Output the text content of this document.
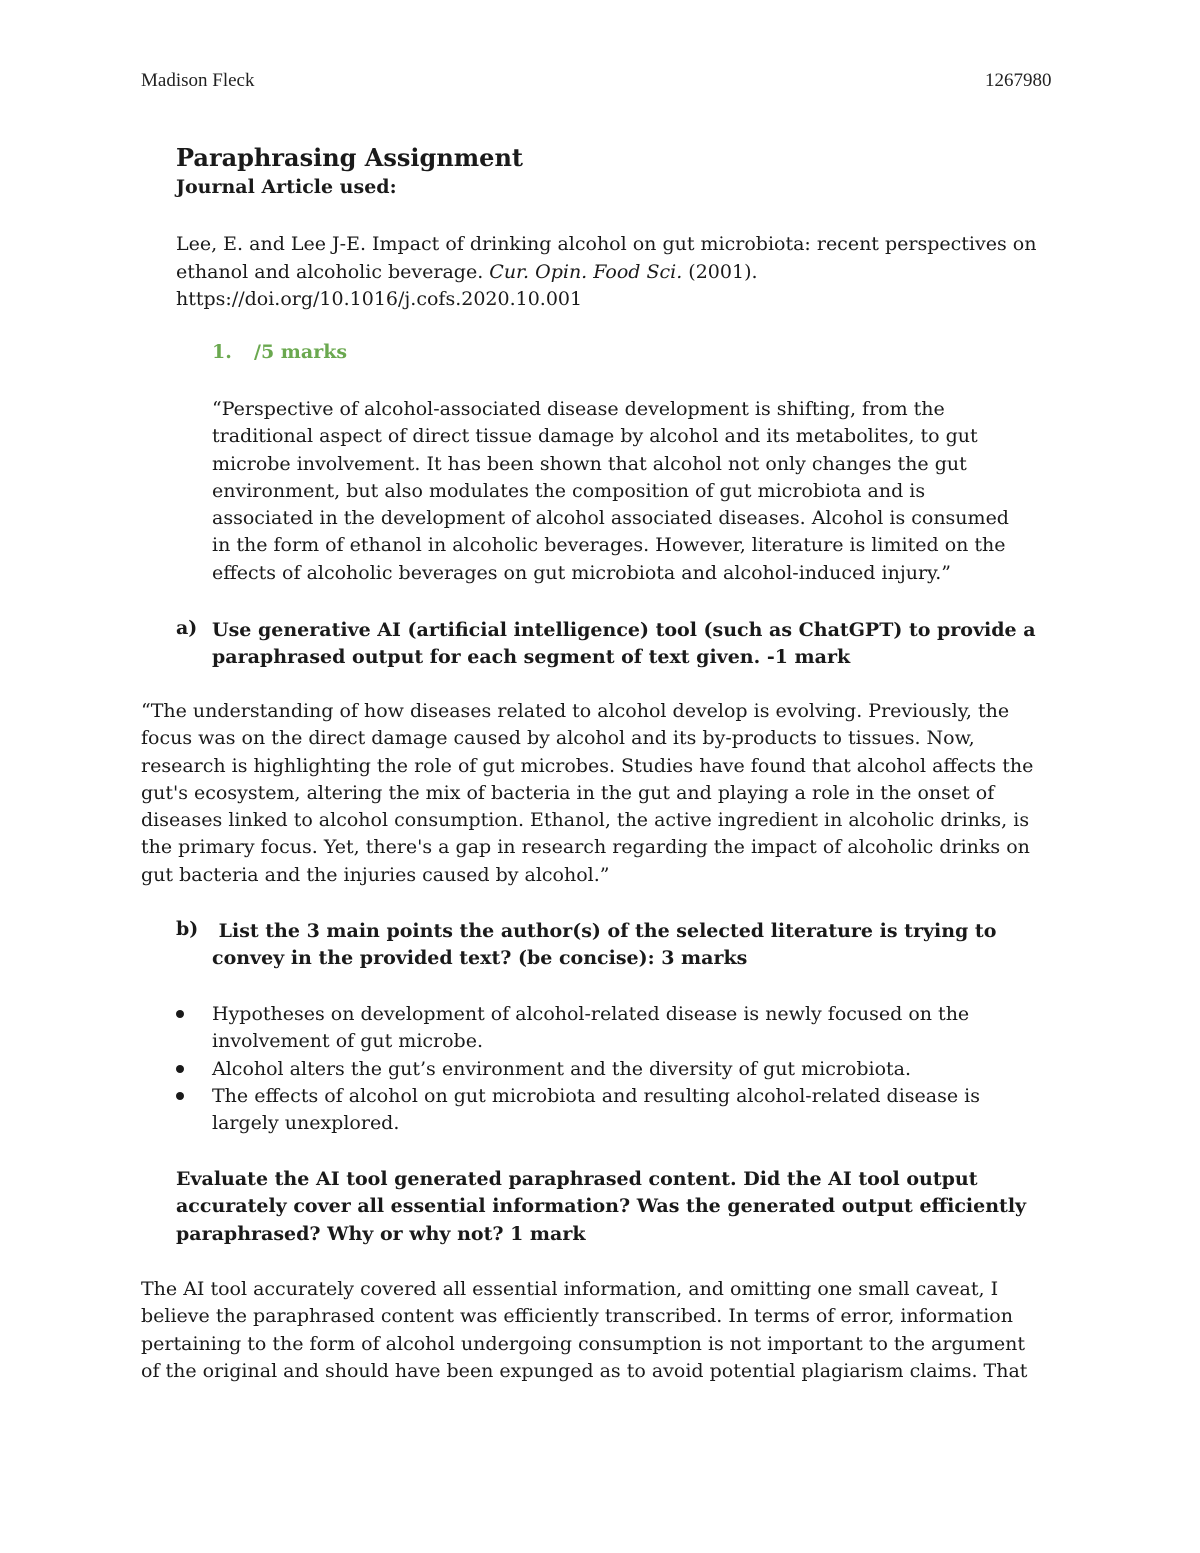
Madison Fleck	1267980
Paraphrasing Assignment
Journal Article used:
Lee, E. and Lee J-E. Impact of drinking alcohol on gut microbiota: recent perspectives on
ethanol and alcoholic beverage. Cur. Opin. Food Sci. (2001).
https://doi.org/10.1016/j.cofs.2020.10.001
1. /5 marks
“Perspective of alcohol-associated disease development is shifting, from the
traditional aspect of direct tissue damage by alcohol and its metabolites, to gut
microbe involvement. It has been shown that alcohol not only changes the gut
environment, but also modulates the composition of gut microbiota and is
associated in the development of alcohol associated diseases. Alcohol is consumed
in the form of ethanol in alcoholic beverages. However, literature is limited on the
effects of alcoholic beverages on gut microbiota and alcohol-induced injury.”
a) Use generative AI (artificial intelligence) tool (such as ChatGPT) to provide a
paraphrased output for each segment of text given. -1 mark
“The understanding of how diseases related to alcohol develop is evolving. Previously, the
focus was on the direct damage caused by alcohol and its by-products to tissues. Now,
research is highlighting the role of gut microbes. Studies have found that alcohol affects the
gut's ecosystem, altering the mix of bacteria in the gut and playing a role in the onset of
diseases linked to alcohol consumption. Ethanol, the active ingredient in alcoholic drinks, is
the primary focus. Yet, there's a gap in research regarding the impact of alcoholic drinks on
gut bacteria and the injuries caused by alcohol.”
b) List the 3 main points the author(s) of the selected literature is trying to
convey in the provided text? (be concise): 3 marks
Hypotheses on development of alcohol-related disease is newly focused on the
involvement of gut microbe.
Alcohol alters the gut’s environment and the diversity of gut microbiota.
The effects of alcohol on gut microbiota and resulting alcohol-related disease is
largely unexplored.
Evaluate the AI tool generated paraphrased content. Did the AI tool output
accurately cover all essential information? Was the generated output efficiently
paraphrased? Why or why not? 1 mark
The AI tool accurately covered all essential information, and omitting one small caveat, I
believe the paraphrased content was efficiently transcribed. In terms of error, information
pertaining to the form of alcohol undergoing consumption is not important to the argument
of the original and should have been expunged as to avoid potential plagiarism claims. That
